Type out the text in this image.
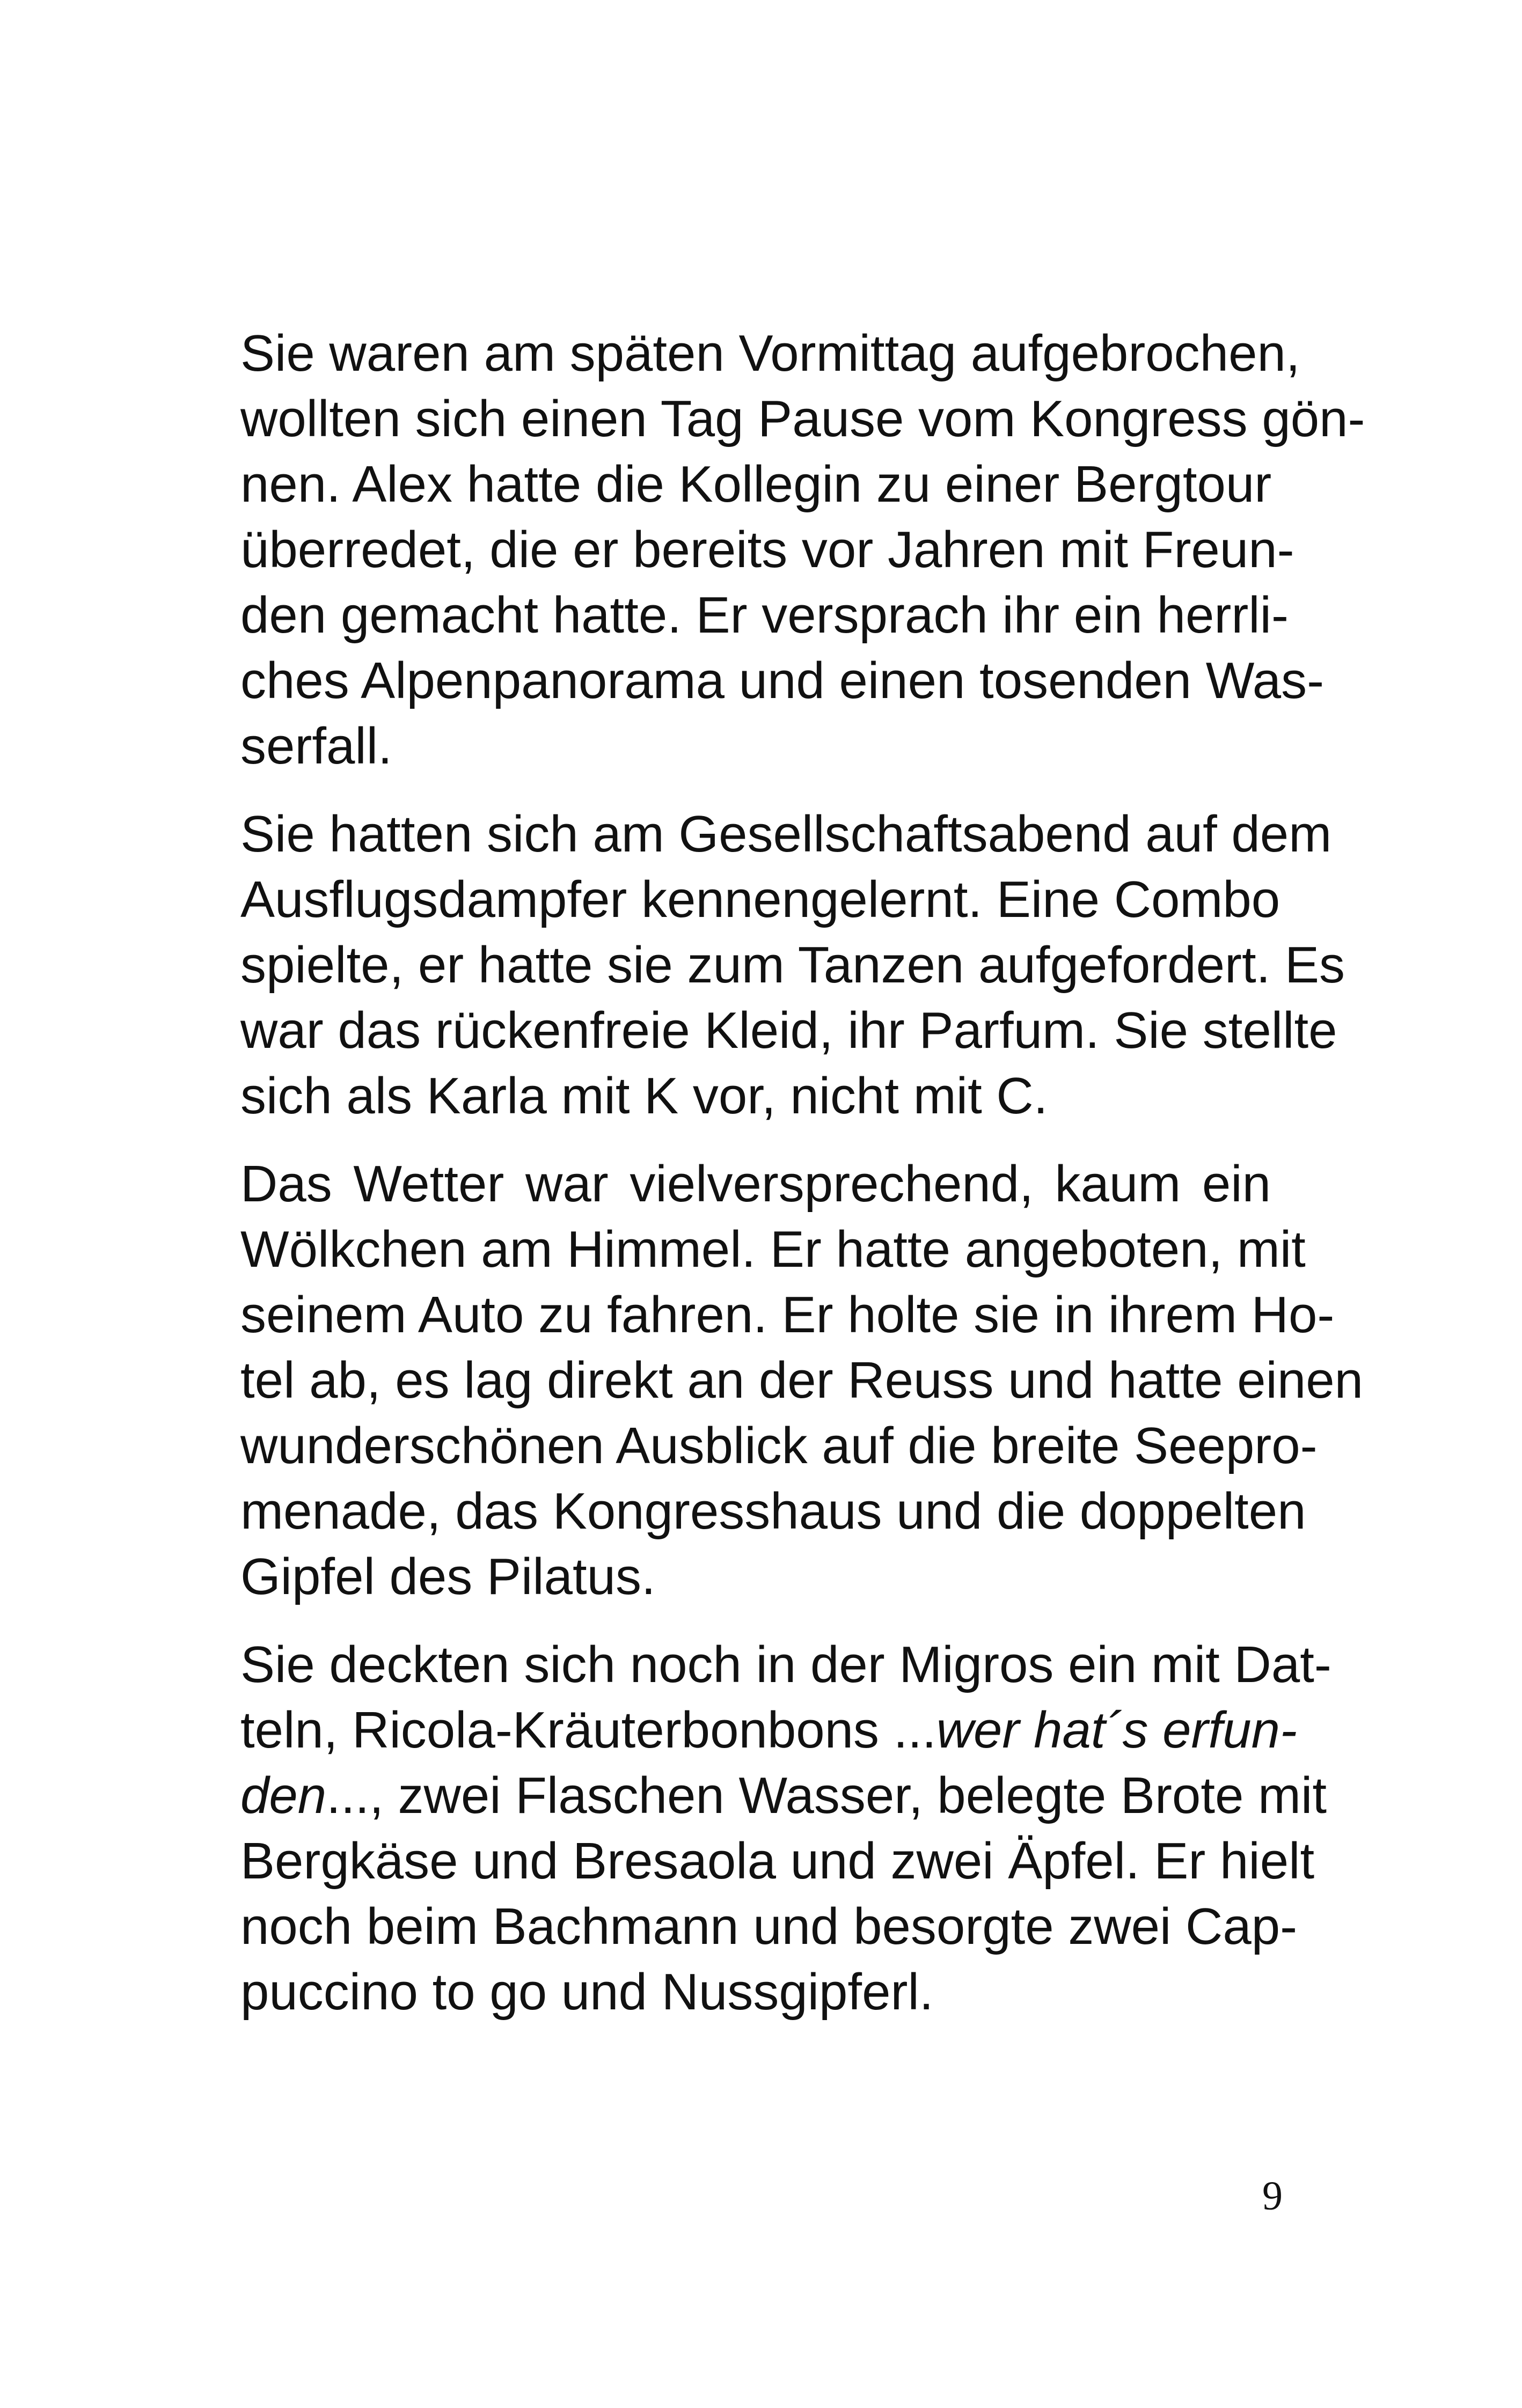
Sie waren am späten Vormittag aufgebrochen,
wollten sich einen Tag Pause vom Kongress gön-
nen. Alex hatte die Kollegin zu einer Bergtour
überredet, die er bereits vor Jahren mit Freun-
den gemacht hatte. Er versprach ihr ein herrli-
ches Alpenpanorama und einen tosenden Was-
serfall.

Sie hatten sich am Gesellschaftsabend auf dem
Ausflugsdampfer kennengelernt. Eine Combo
spielte, er hatte sie zum Tanzen aufgefordert. Es
war das rückenfreie Kleid, ihr Parfum. Sie stellte
sich als Karla mit K vor, nicht mit C.

Das Wetter war vielversprechend, kaum ein
Wölkchen am Himmel. Er hatte angeboten, mit
seinem Auto zu fahren. Er holte sie in ihrem Ho-
tel ab, es lag direkt an der Reuss und hatte einen
wunderschönen Ausblick auf die breite Seepro-
menade, das Kongresshaus und die doppelten
Gipfel des Pilatus.

Sie deckten sich noch in der Migros ein mit Dat-
teln, Ricola-Kräuterbonbons ...wer hat´s erfun-
den..., zwei Flaschen Wasser, belegte Brote mit
Bergkäse und Bresaola und zwei Äpfel. Er hielt
noch beim Bachmann und besorgte zwei Cap-
puccino to go und Nussgipferl.

9
